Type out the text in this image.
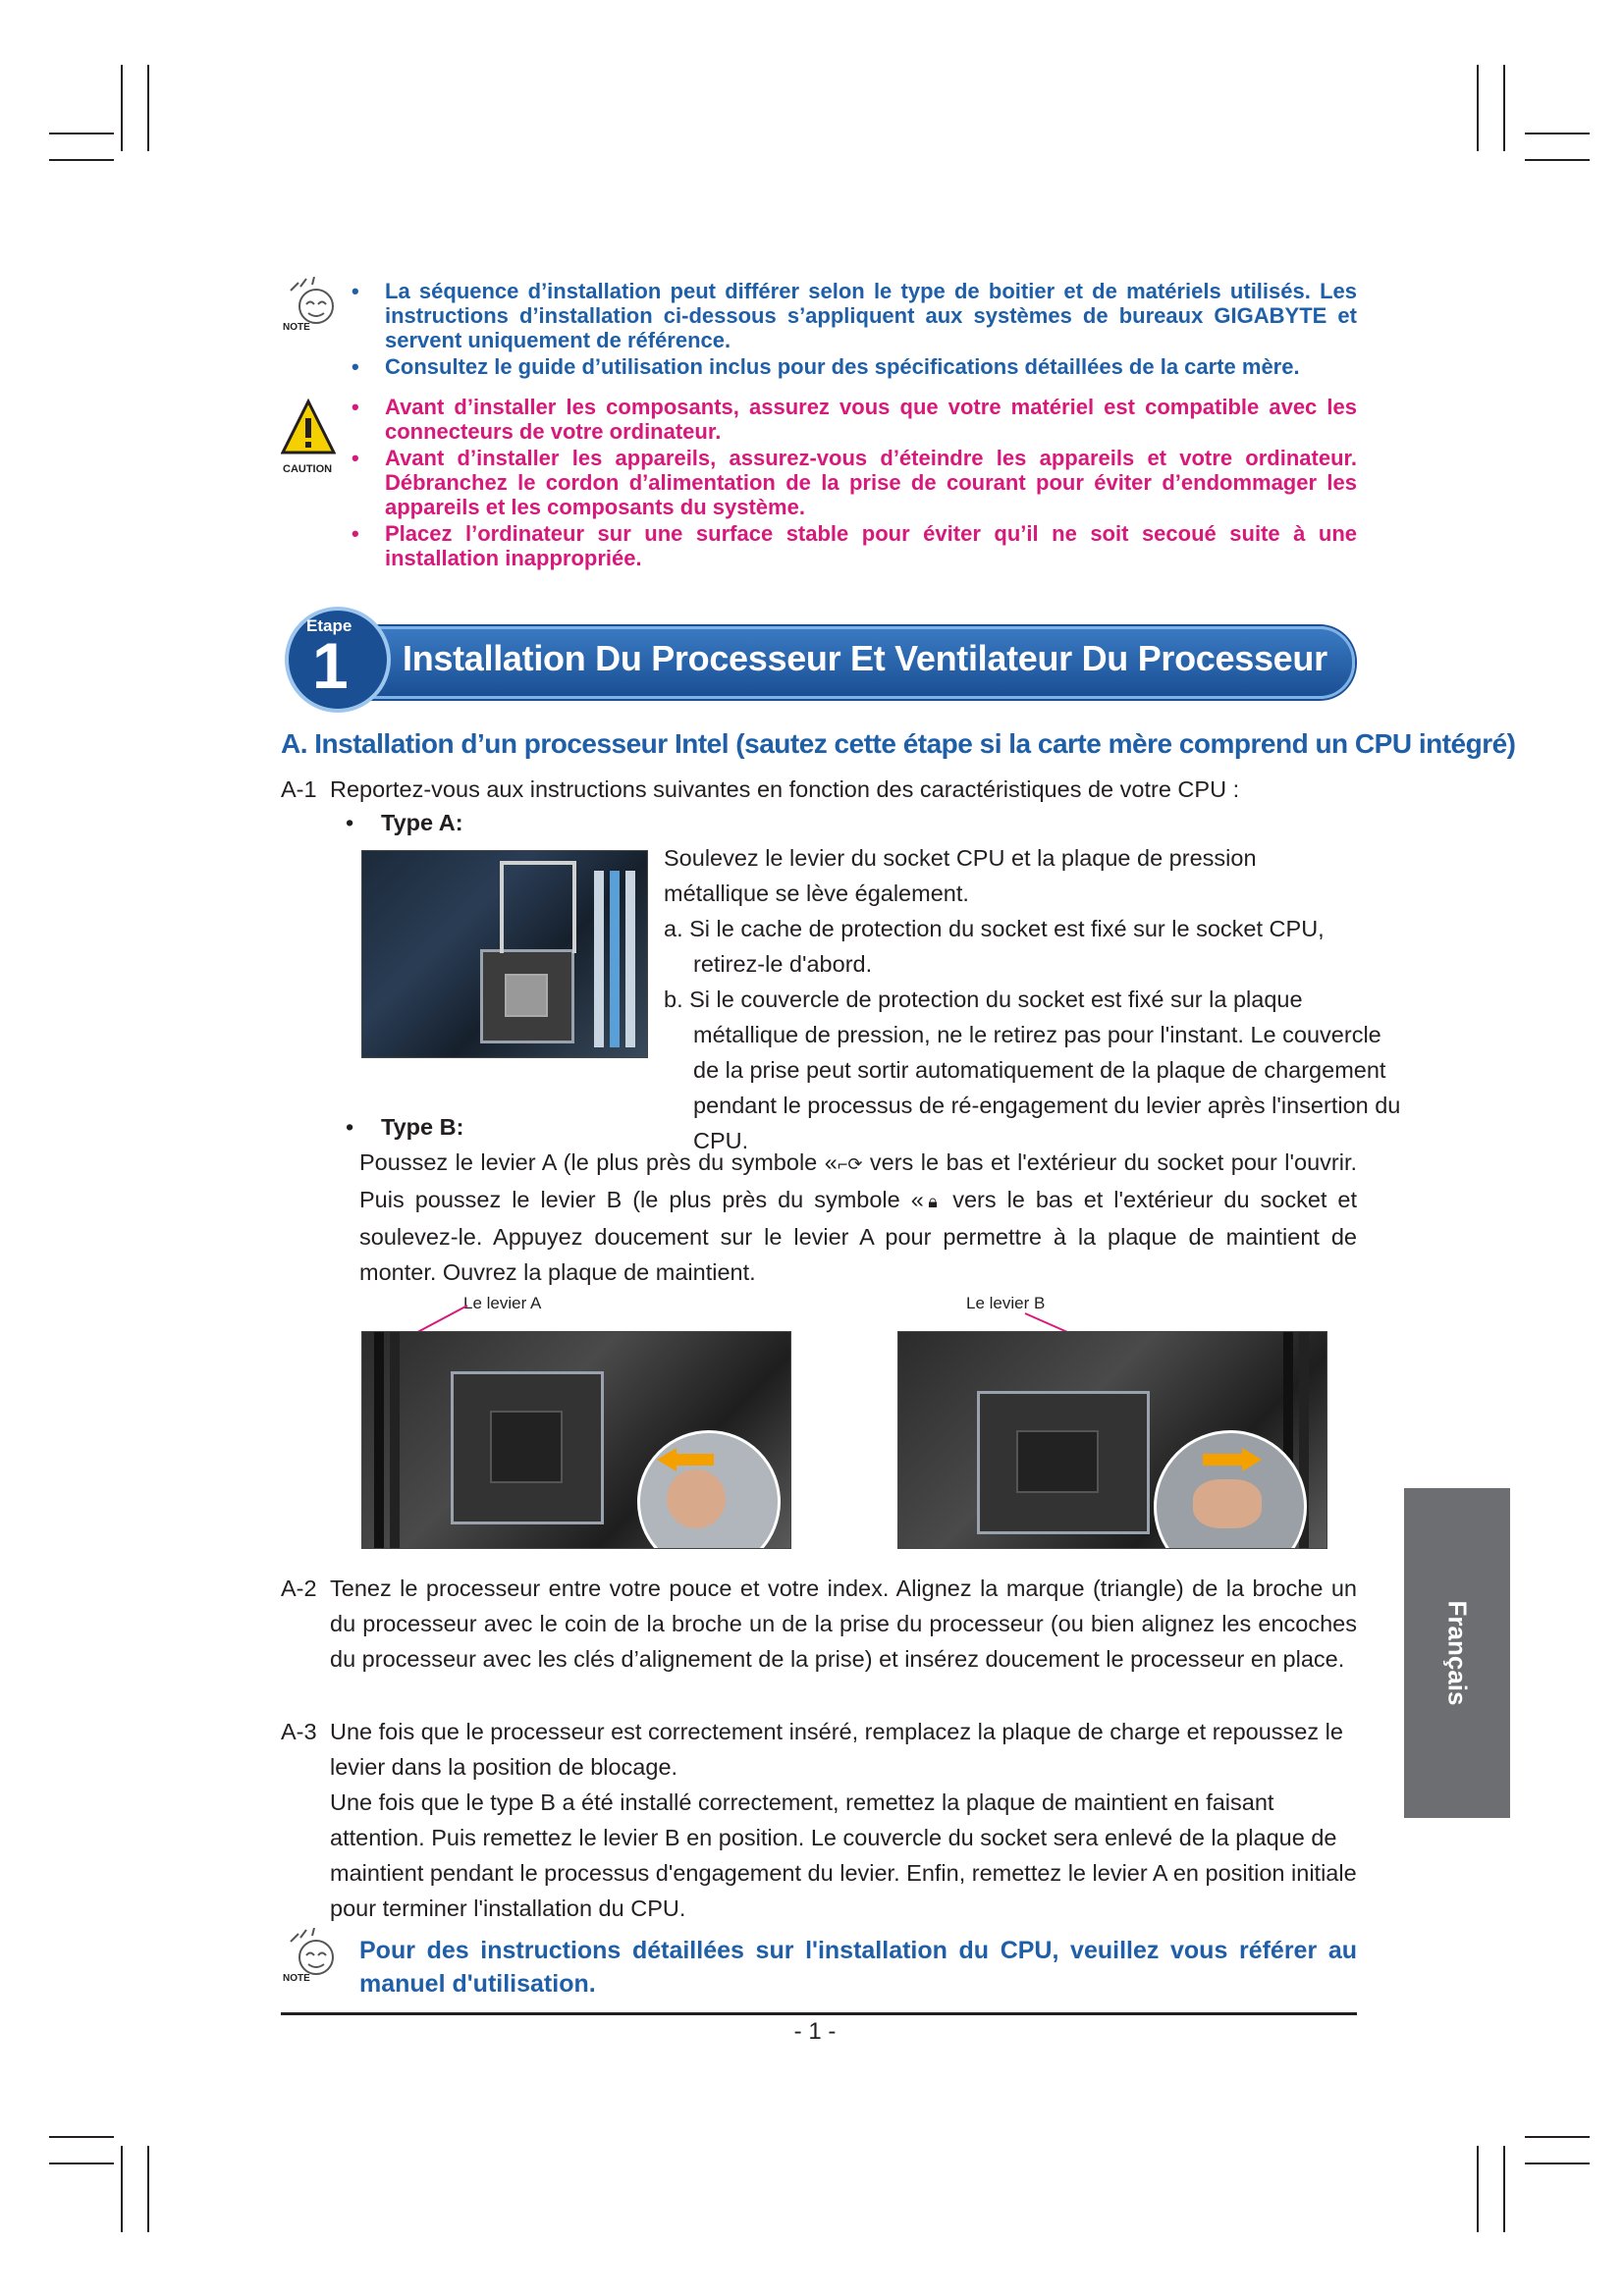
NOTE
• La séquence d’installation peut différer selon le type de boitier et de matériels utilisés. Les instructions d’installation ci-dessous s’appliquent aux systèmes de bureaux GIGABYTE et servent uniquement de référence.
• Consultez le guide d’utilisation inclus pour des spécifications détaillées de la carte mère.
CAUTION
• Avant d’installer les composants, assurez vous que votre matériel est compatible avec les connecteurs de votre ordinateur.
• Avant d’installer les appareils, assurez-vous d’éteindre les appareils et votre ordinateur. Débranchez le cordon d’alimentation de la prise de courant pour éviter d’endommager les appareils et les composants du système.
• Placez l’ordinateur sur une surface stable pour éviter qu’il ne soit secoué suite à une installation inappropriée.
Installation Du Processeur Et Ventilateur Du Processeur
Etape
1
A. Installation d’un processeur Intel (sautez cette étape si la carte mère comprend un CPU intégré)
A-1 Reportez-vous aux instructions suivantes en fonction des caractéristiques de votre CPU :
• Type A:
Soulevez le levier du socket CPU et la plaque de pression métallique se lève également.
a. Si le cache de protection du socket est fixé sur le socket CPU, retirez-le d'abord.
b. Si le couvercle de protection du socket est fixé sur la plaque métallique de pression, ne le retirez pas pour l'instant. Le couvercle de la prise peut sortir automatiquement de la plaque de chargement pendant le processus de ré-engagement du levier après l'insertion du CPU.
• Type B:
Poussez le levier A (le plus près du symbole «⌐⟳ vers le bas et l'extérieur du socket pour l'ouvrir. Puis poussez le levier B (le plus près du symbole «🔒︎ vers le bas et l'extérieur du socket et soulevez-le. Appuyez doucement sur le levier A pour permettre à la plaque de maintient de monter. Ouvrez la plaque de maintient.
Le levier A	Le levier B
A-2 Tenez le processeur entre votre pouce et votre index. Alignez la marque (triangle) de la broche un du processeur avec le coin de la broche un de la prise du processeur (ou bien alignez les encoches du processeur avec les clés d’alignement de la prise) et insérez doucement le processeur en place.
A-3 Une fois que le processeur est correctement inséré, remplacez la plaque de charge et repoussez le levier dans la position de blocage.
Une fois que le type B a été installé correctement, remettez la plaque de maintient en faisant attention. Puis remettez le levier B en position. Le couvercle du socket sera enlevé de la plaque de maintient pendant le processus d'engagement du levier. Enfin, remettez le levier A en position initiale pour terminer l'installation du CPU.
NOTE
Pour des instructions détaillées sur l'installation du CPU, veuillez vous référer au manuel d'utilisation.
- 1 -
Français
